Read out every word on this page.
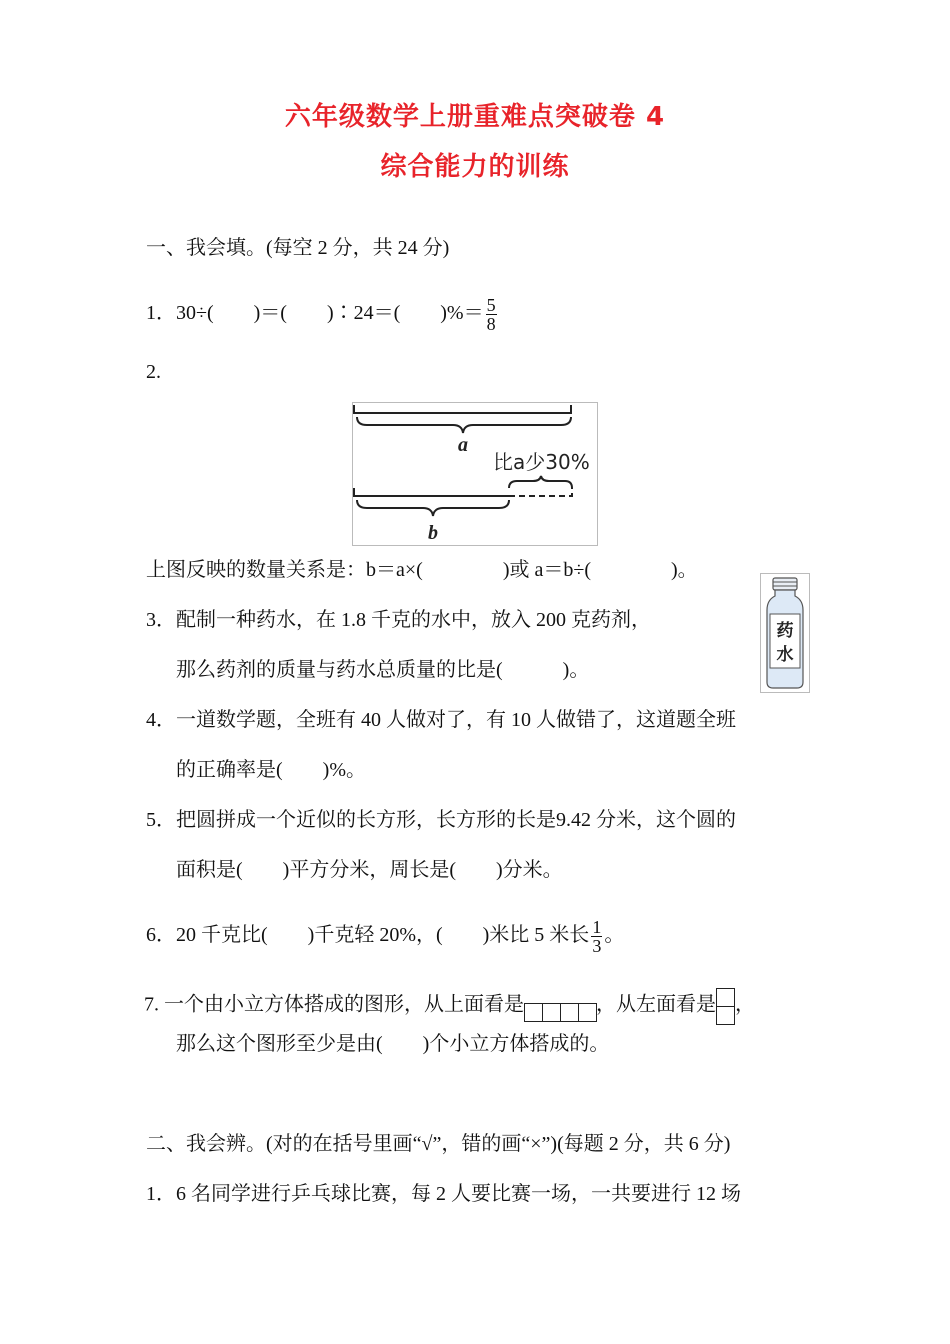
六年级数学上册重难点突破卷 4
综合能力的训练
一、我会填。(每空 2 分，共 24 分)
1．30÷(　　)＝(　　)∶24＝(　　)%＝ $\frac{5}{8}$
2.
a
比a少30%
b
上图反映的数量关系是：b＝a×(　　　　)或 a＝b÷(　　　　)。
3．配制一种药水，在 1.8 千克的水中，放入 200 克药剂，
那么药剂的质量与药水总质量的比是(　　　)。
药
水
4．一道数学题，全班有 40 人做对了，有 10 人做错了，这道题全班
的正确率是(　　)%。
5．把圆拼成一个近似的长方形，长方形的长是9.42 分米，这个圆的
面积是(　　)平方分米，周长是(　　)分米。
6．20 千克比(　　)千克轻 20%，(　　)米比 5 米长 $\frac{1}{3}$ 。
7. 一个由小立方体搭成的图形，从上面看是	，从左面看是 ，
那么这个图形至少是由(　　)个小立方体搭成的。
二、我会辨。(对的在括号里画“√”，错的画“×”)(每题 2 分，共 6 分)
1．6 名同学进行乒乓球比赛，每 2 人要比赛一场，一共要进行 12 场
